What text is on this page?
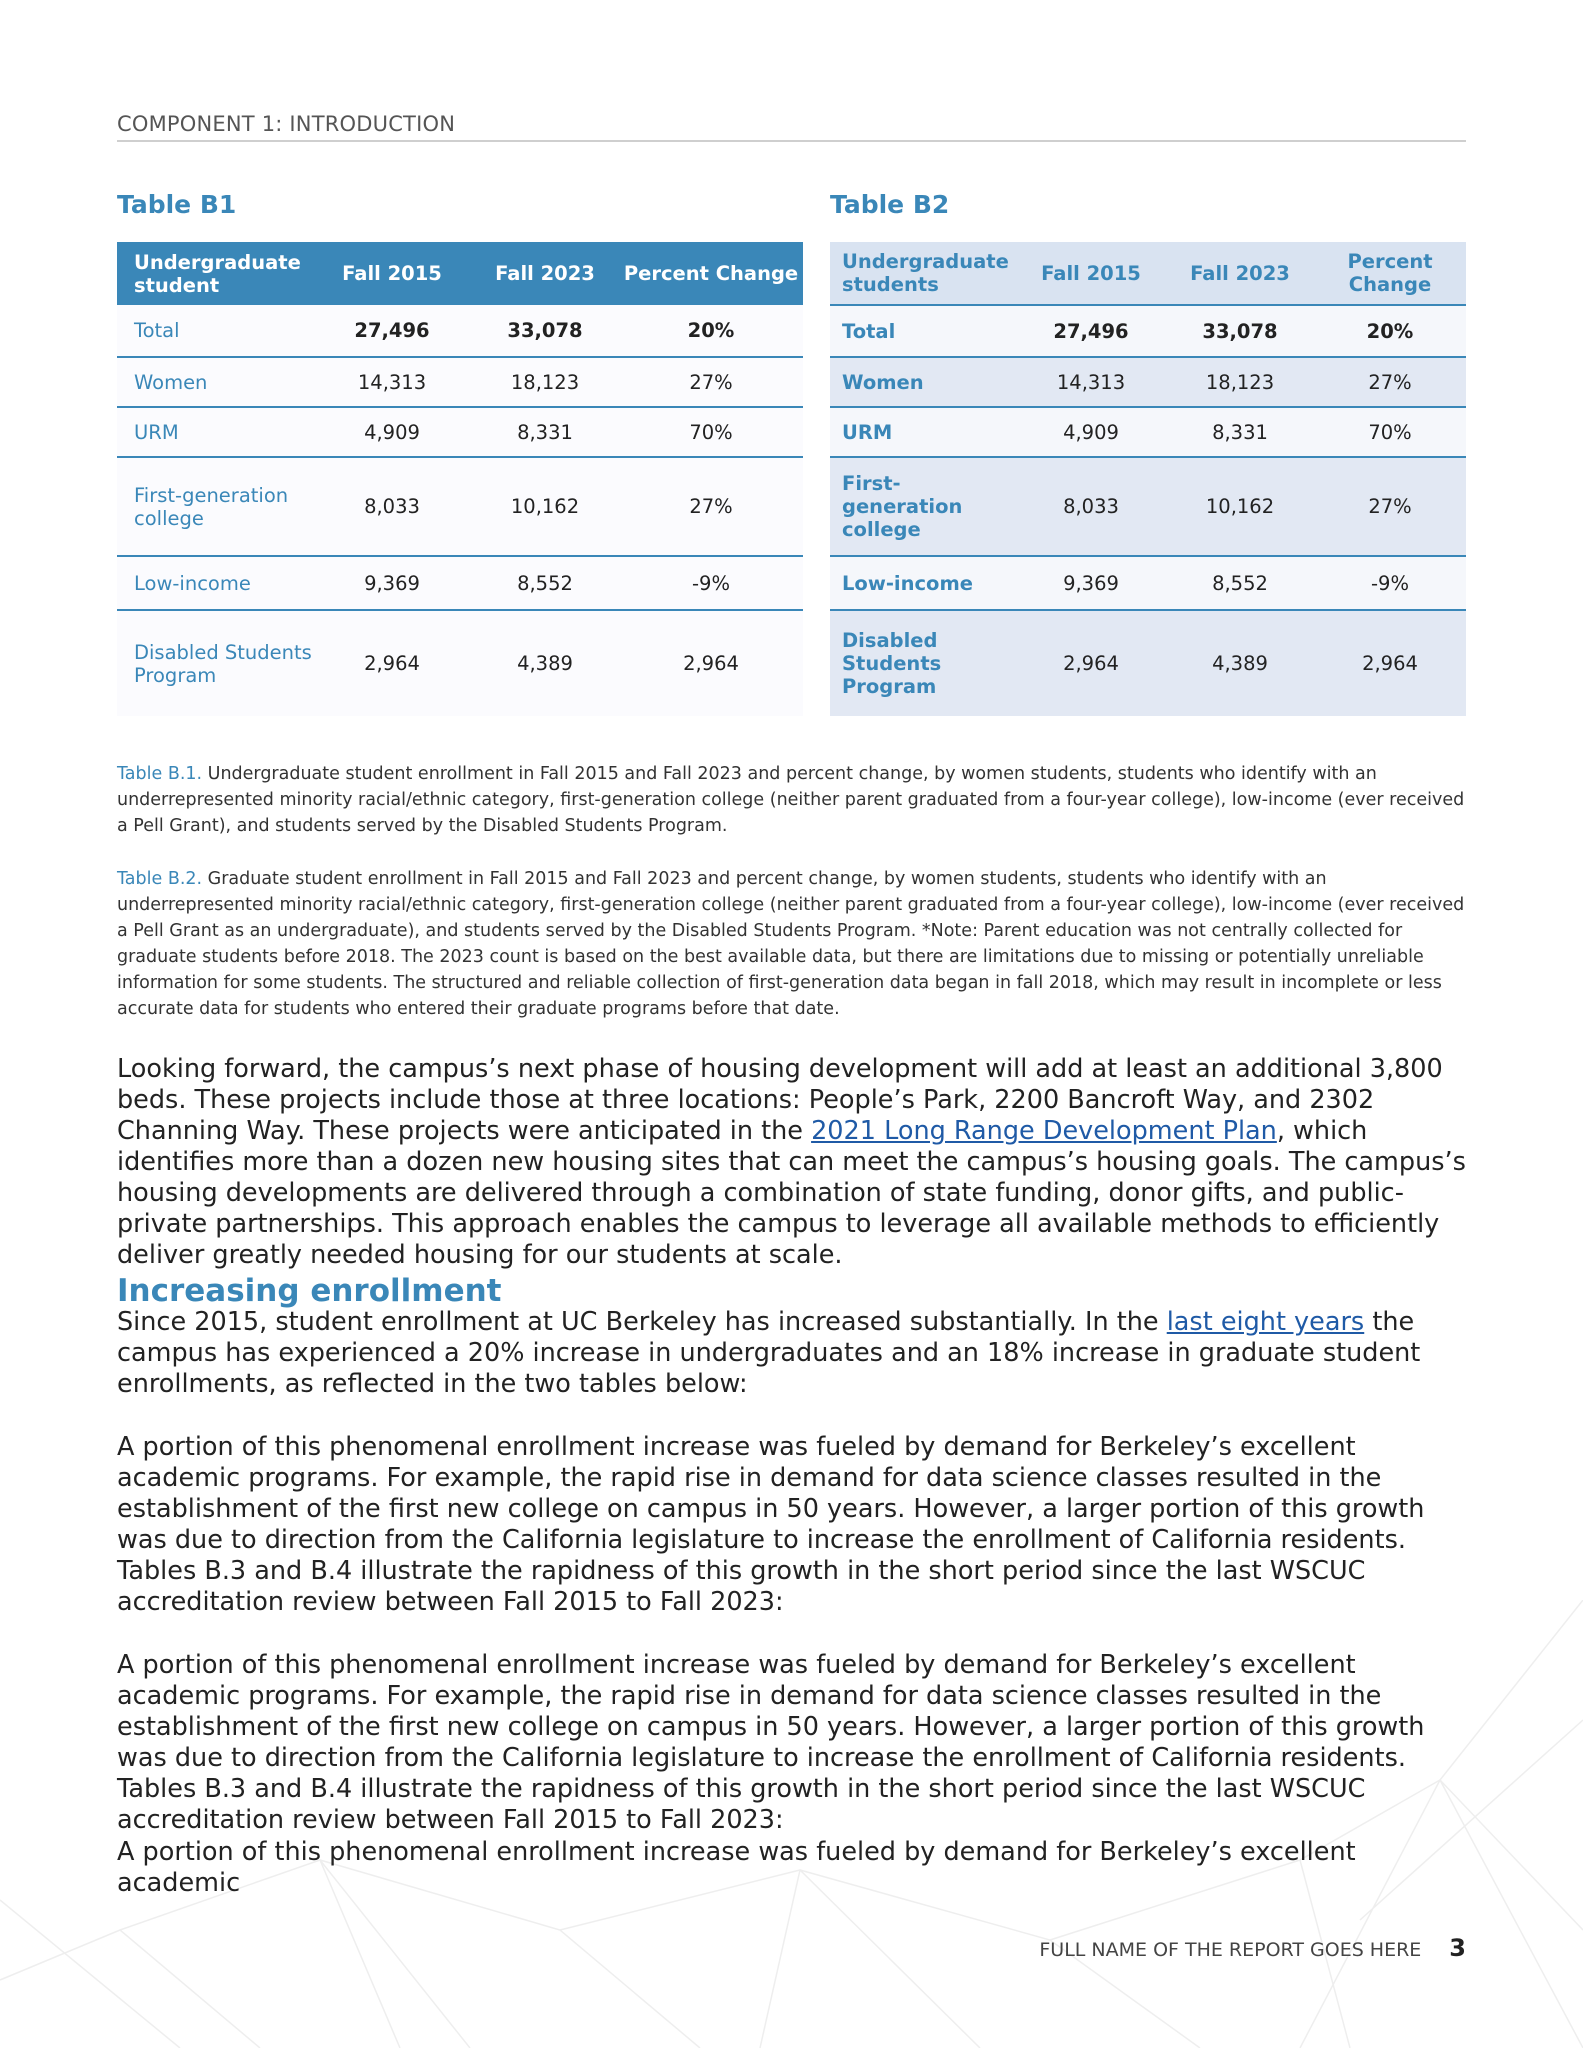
COMPONENT 1: INTRODUCTION
Table B1	Table B2
Undergraduate student	Fall 2015	Fall 2023	Percent Change
Total	27,496	33,078	20%
Women	14,313	18,123	27%
URM	4,909	8,331	70%
First-generation college	8,033	10,162	27%
Low-income	9,369	8,552	-9%
Disabled Students Program	2,964	4,389	2,964
Undergraduate students	Fall 2015	Fall 2023	Percent Change
Total	27,496	33,078	20%
Women	14,313	18,123	27%
URM	4,909	8,331	70%
First-generation college	8,033	10,162	27%
Low-income	9,369	8,552	-9%
Disabled Students Program	2,964	4,389	2,964

Table B.1. Undergraduate student enrollment in Fall 2015 and Fall 2023 and percent change, by women students, students who identify with an underrepresented minority racial/ethnic category, first-generation college (neither parent graduated from a four-year college), low-income (ever received a Pell Grant), and students served by the Disabled Students Program.

Table B.2. Graduate student enrollment in Fall 2015 and Fall 2023 and percent change, by women students, students who identify with an underrepresented minority racial/ethnic category, first-generation college (neither parent graduated from a four-year college), low-income (ever received a Pell Grant as an undergraduate), and students served by the Disabled Students Program. *Note: Parent education was not centrally collected for graduate students before 2018. The 2023 count is based on the best available data, but there are limitations due to missing or potentially unreliable information for some students. The structured and reliable collection of first-generation data began in fall 2018, which may result in incomplete or less accurate data for students who entered their graduate programs before that date.

Looking forward, the campus’s next phase of housing development will add at least an additional 3,800 beds. These projects include those at three locations: People’s Park, 2200 Bancroft Way, and 2302 Channing Way. These projects were anticipated in the 2021 Long Range Development Plan, which identifies more than a dozen new housing sites that can meet the campus’s housing goals. The campus’s housing developments are delivered through a combination of state funding, donor gifts, and public-private partnerships. This approach enables the campus to leverage all available methods to efficiently deliver greatly needed housing for our students at scale.

Increasing enrollment

Since 2015, student enrollment at UC Berkeley has increased substantially. In the last eight years the campus has experienced a 20% increase in undergraduates and an 18% increase in graduate student enrollments, as reflected in the two tables below:

A portion of this phenomenal enrollment increase was fueled by demand for Berkeley’s excellent academic programs. For example, the rapid rise in demand for data science classes resulted in the establishment of the first new college on campus in 50 years. However, a larger portion of this growth was due to direction from the California legislature to increase the enrollment of California residents. Tables B.3 and B.4 illustrate the rapidness of this growth in the short period since the last WSCUC accreditation review between Fall 2015 to Fall 2023:

A portion of this phenomenal enrollment increase was fueled by demand for Berkeley’s excellent academic programs. For example, the rapid rise in demand for data science classes resulted in the establishment of the first new college on campus in 50 years. However, a larger portion of this growth was due to direction from the California legislature to increase the enrollment of California residents. Tables B.3 and B.4 illustrate the rapidness of this growth in the short period since the last WSCUC accreditation review between Fall 2015 to Fall 2023:

A portion of this phenomenal enrollment increase was fueled by demand for Berkeley’s excellent academic

FULL NAME OF THE REPORT GOES HERE 3
